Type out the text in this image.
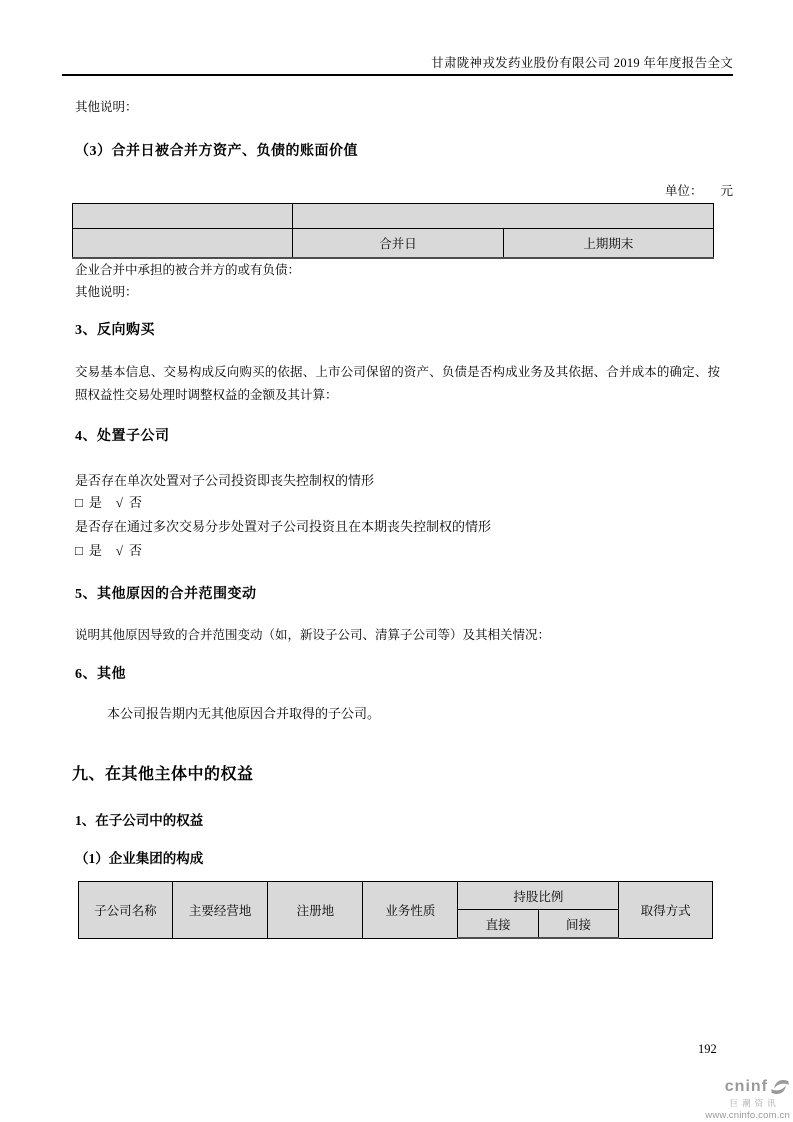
甘肃陇神戎发药业股份有限公司 2019 年年度报告全文
其他说明：
（3）合并日被合并方资产、负债的账面价值
单位： 元

	合并日	上期期末
企业合并中承担的被合并方的或有负债：
其他说明：
3、反向购买
交易基本信息、交易构成反向购买的依据、上市公司保留的资产、负债是否构成业务及其依据、合并成本的确定、按照权益性交易处理时调整权益的金额及其计算：
4、处置子公司
是否存在单次处置对子公司投资即丧失控制权的情形
□ 是 √ 否
是否存在通过多次交易分步处置对子公司投资且在本期丧失控制权的情形
□ 是 √ 否
5、其他原因的合并范围变动
说明其他原因导致的合并范围变动（如，新设子公司、清算子公司等）及其相关情况：
6、其他
本公司报告期内无其他原因合并取得的子公司。
九、在其他主体中的权益
1、在子公司中的权益
（1）企业集团的构成
子公司名称	主要经营地	注册地	业务性质	持股比例		取得方式
				直接	间接	
192
cninf
巨潮资讯
www.cninfo.com.cn
